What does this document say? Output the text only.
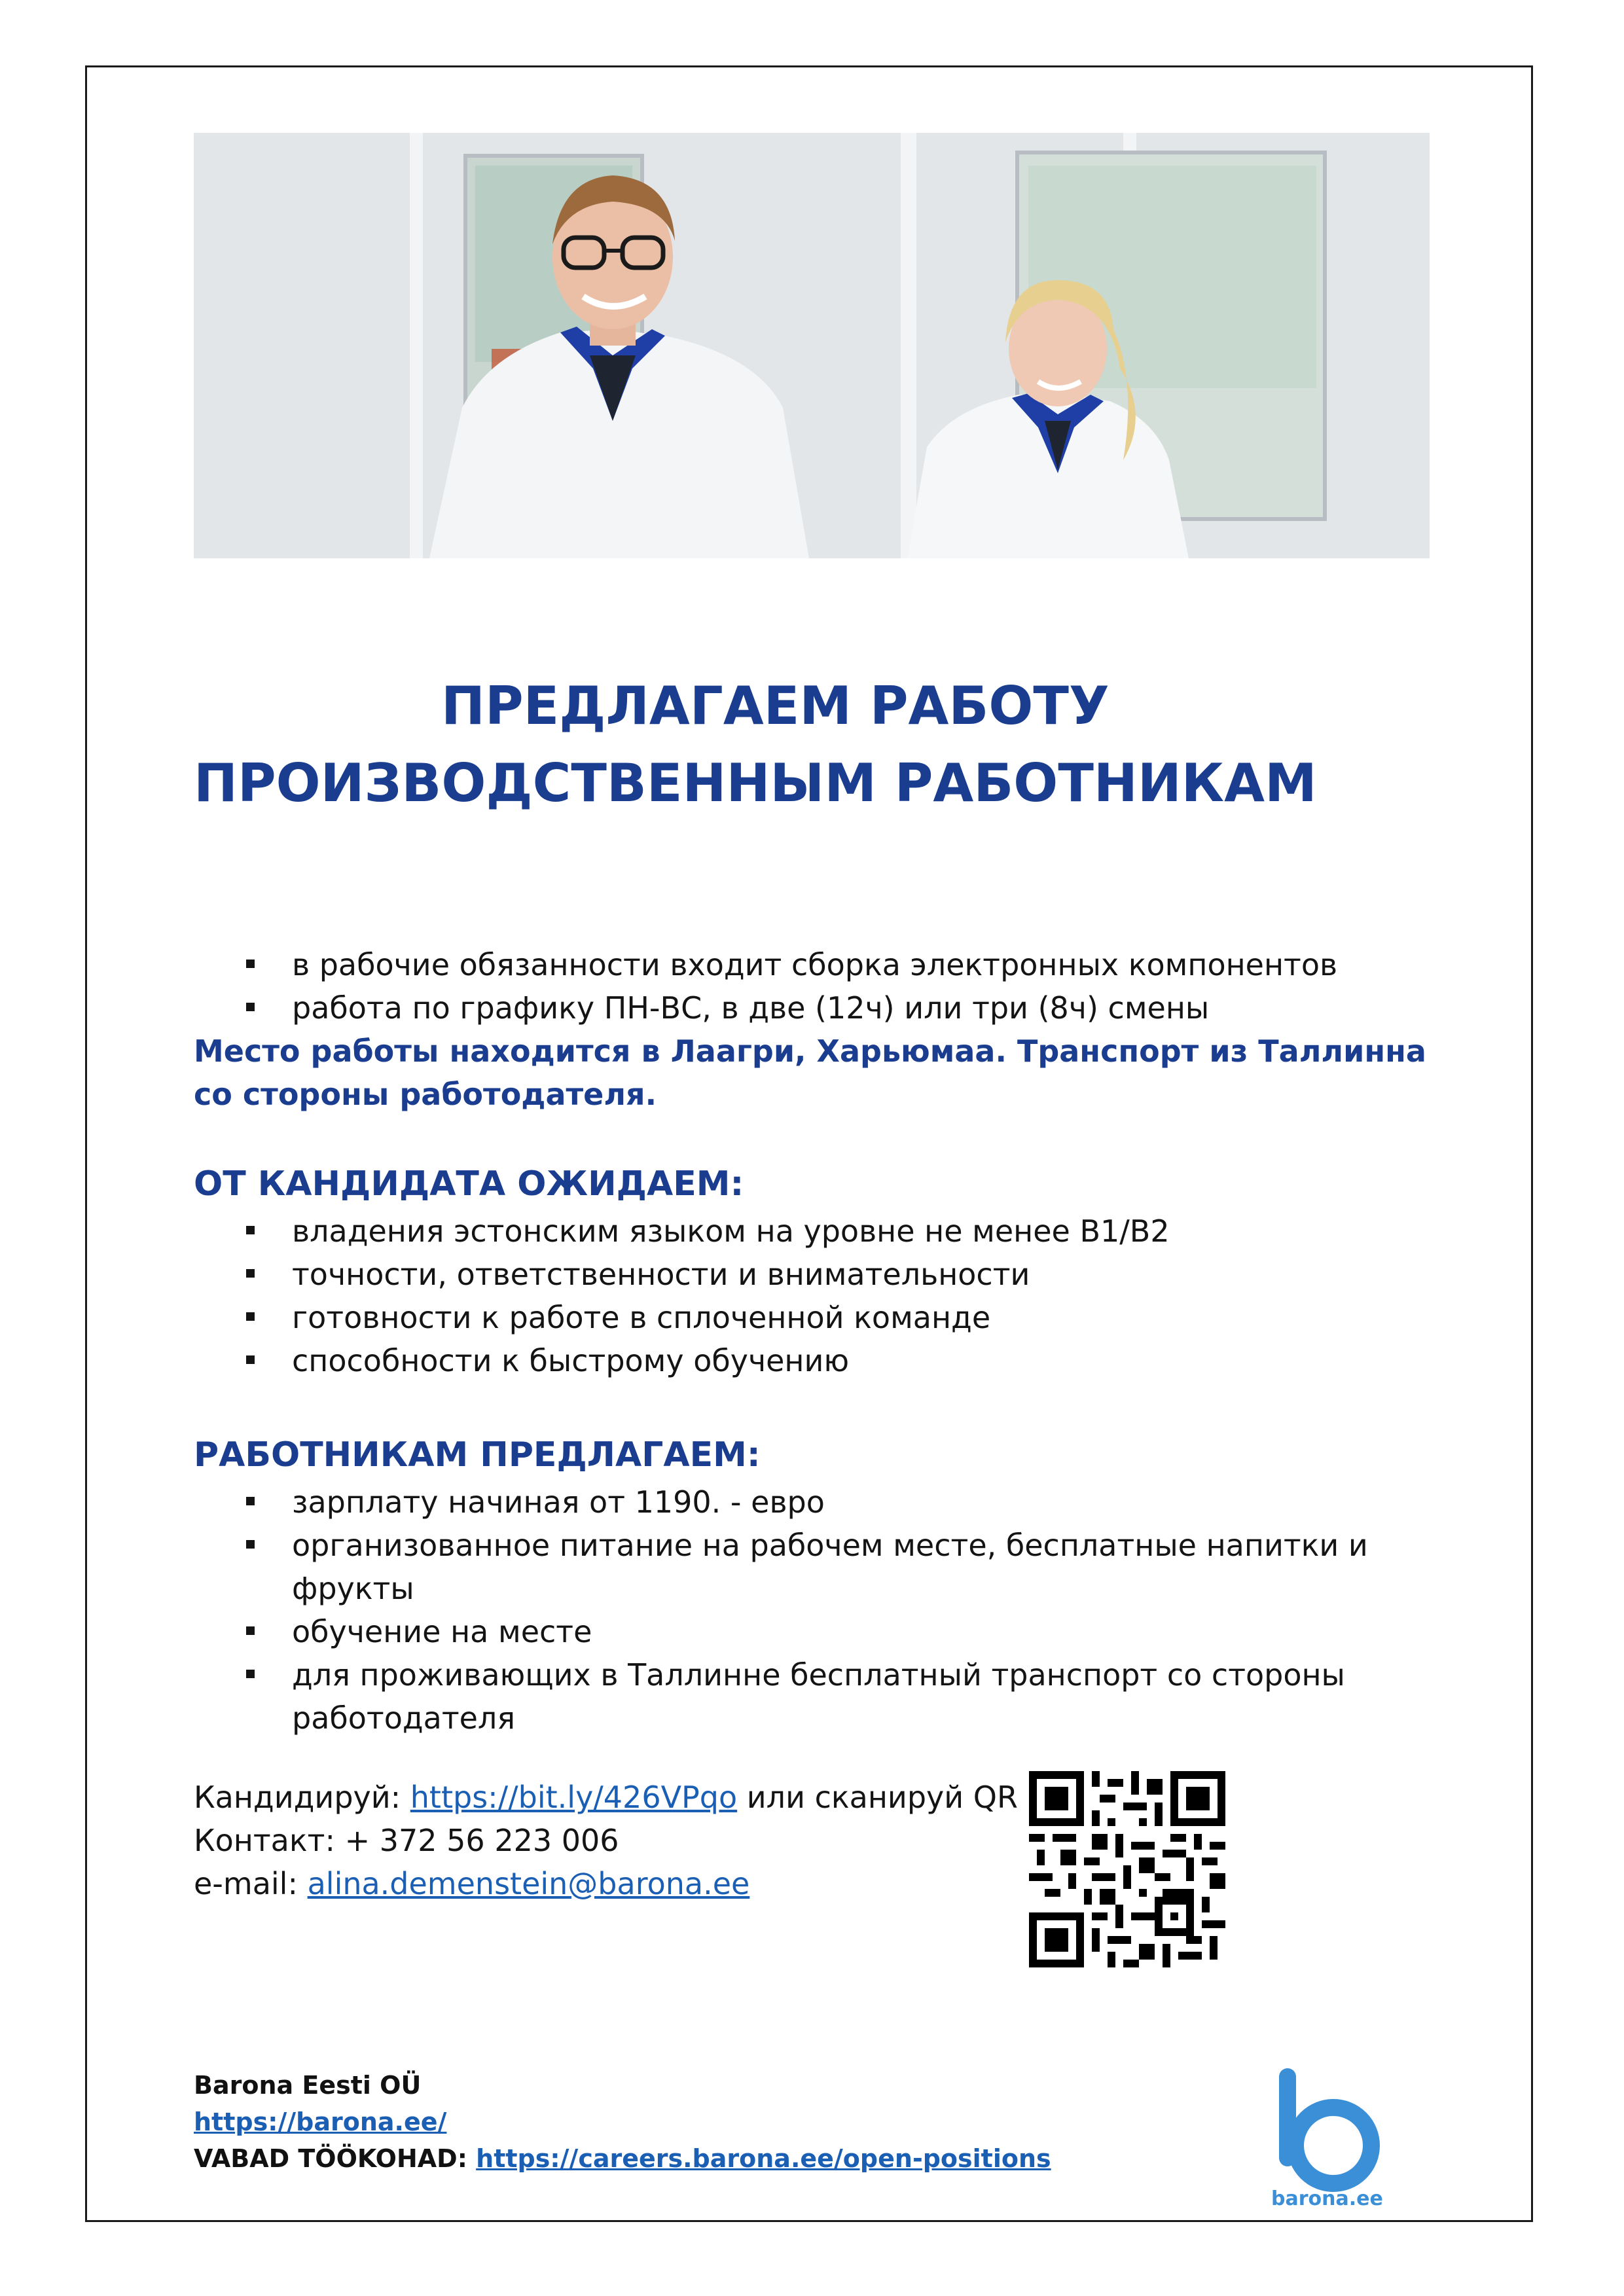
ПРЕДЛАГАЕМ РАБОТУ
ПРОИЗВОДСТВЕННЫМ РАБОТНИКАМ
в рабочие обязанности входит сборка электронных компонентов
работа по графику ПН-ВС, в две (12ч) или три (8ч) смены
Место работы находится в Лаагри, Харьюмаа. Транспорт из Таллинна
со стороны работодателя.
ОТ КАНДИДАТА ОЖИДАЕМ:
владения эстонским языком на уровне не менее B1/B2
точности, ответственности и внимательности
готовности к работе в сплоченной команде
способности к быстрому обучению
РАБОТНИКАМ ПРЕДЛАГАЕМ:
зарплату начиная от 1190. - евро
организованное питание на рабочем месте, бесплатные напитки и фрукты
обучение на месте
для проживающих в Таллинне бесплатный транспорт со стороны
работодателя
Кандидируй: https://bit.ly/426VPqo или сканируй QR
Контакт: + 372 56 223 006
e-mail: alina.demenstein@barona.ee
Barona Eesti OÜ
https://barona.ee/
VABAD TÖÖKOHAD: https://careers.barona.ee/open-positions
barona.ee
